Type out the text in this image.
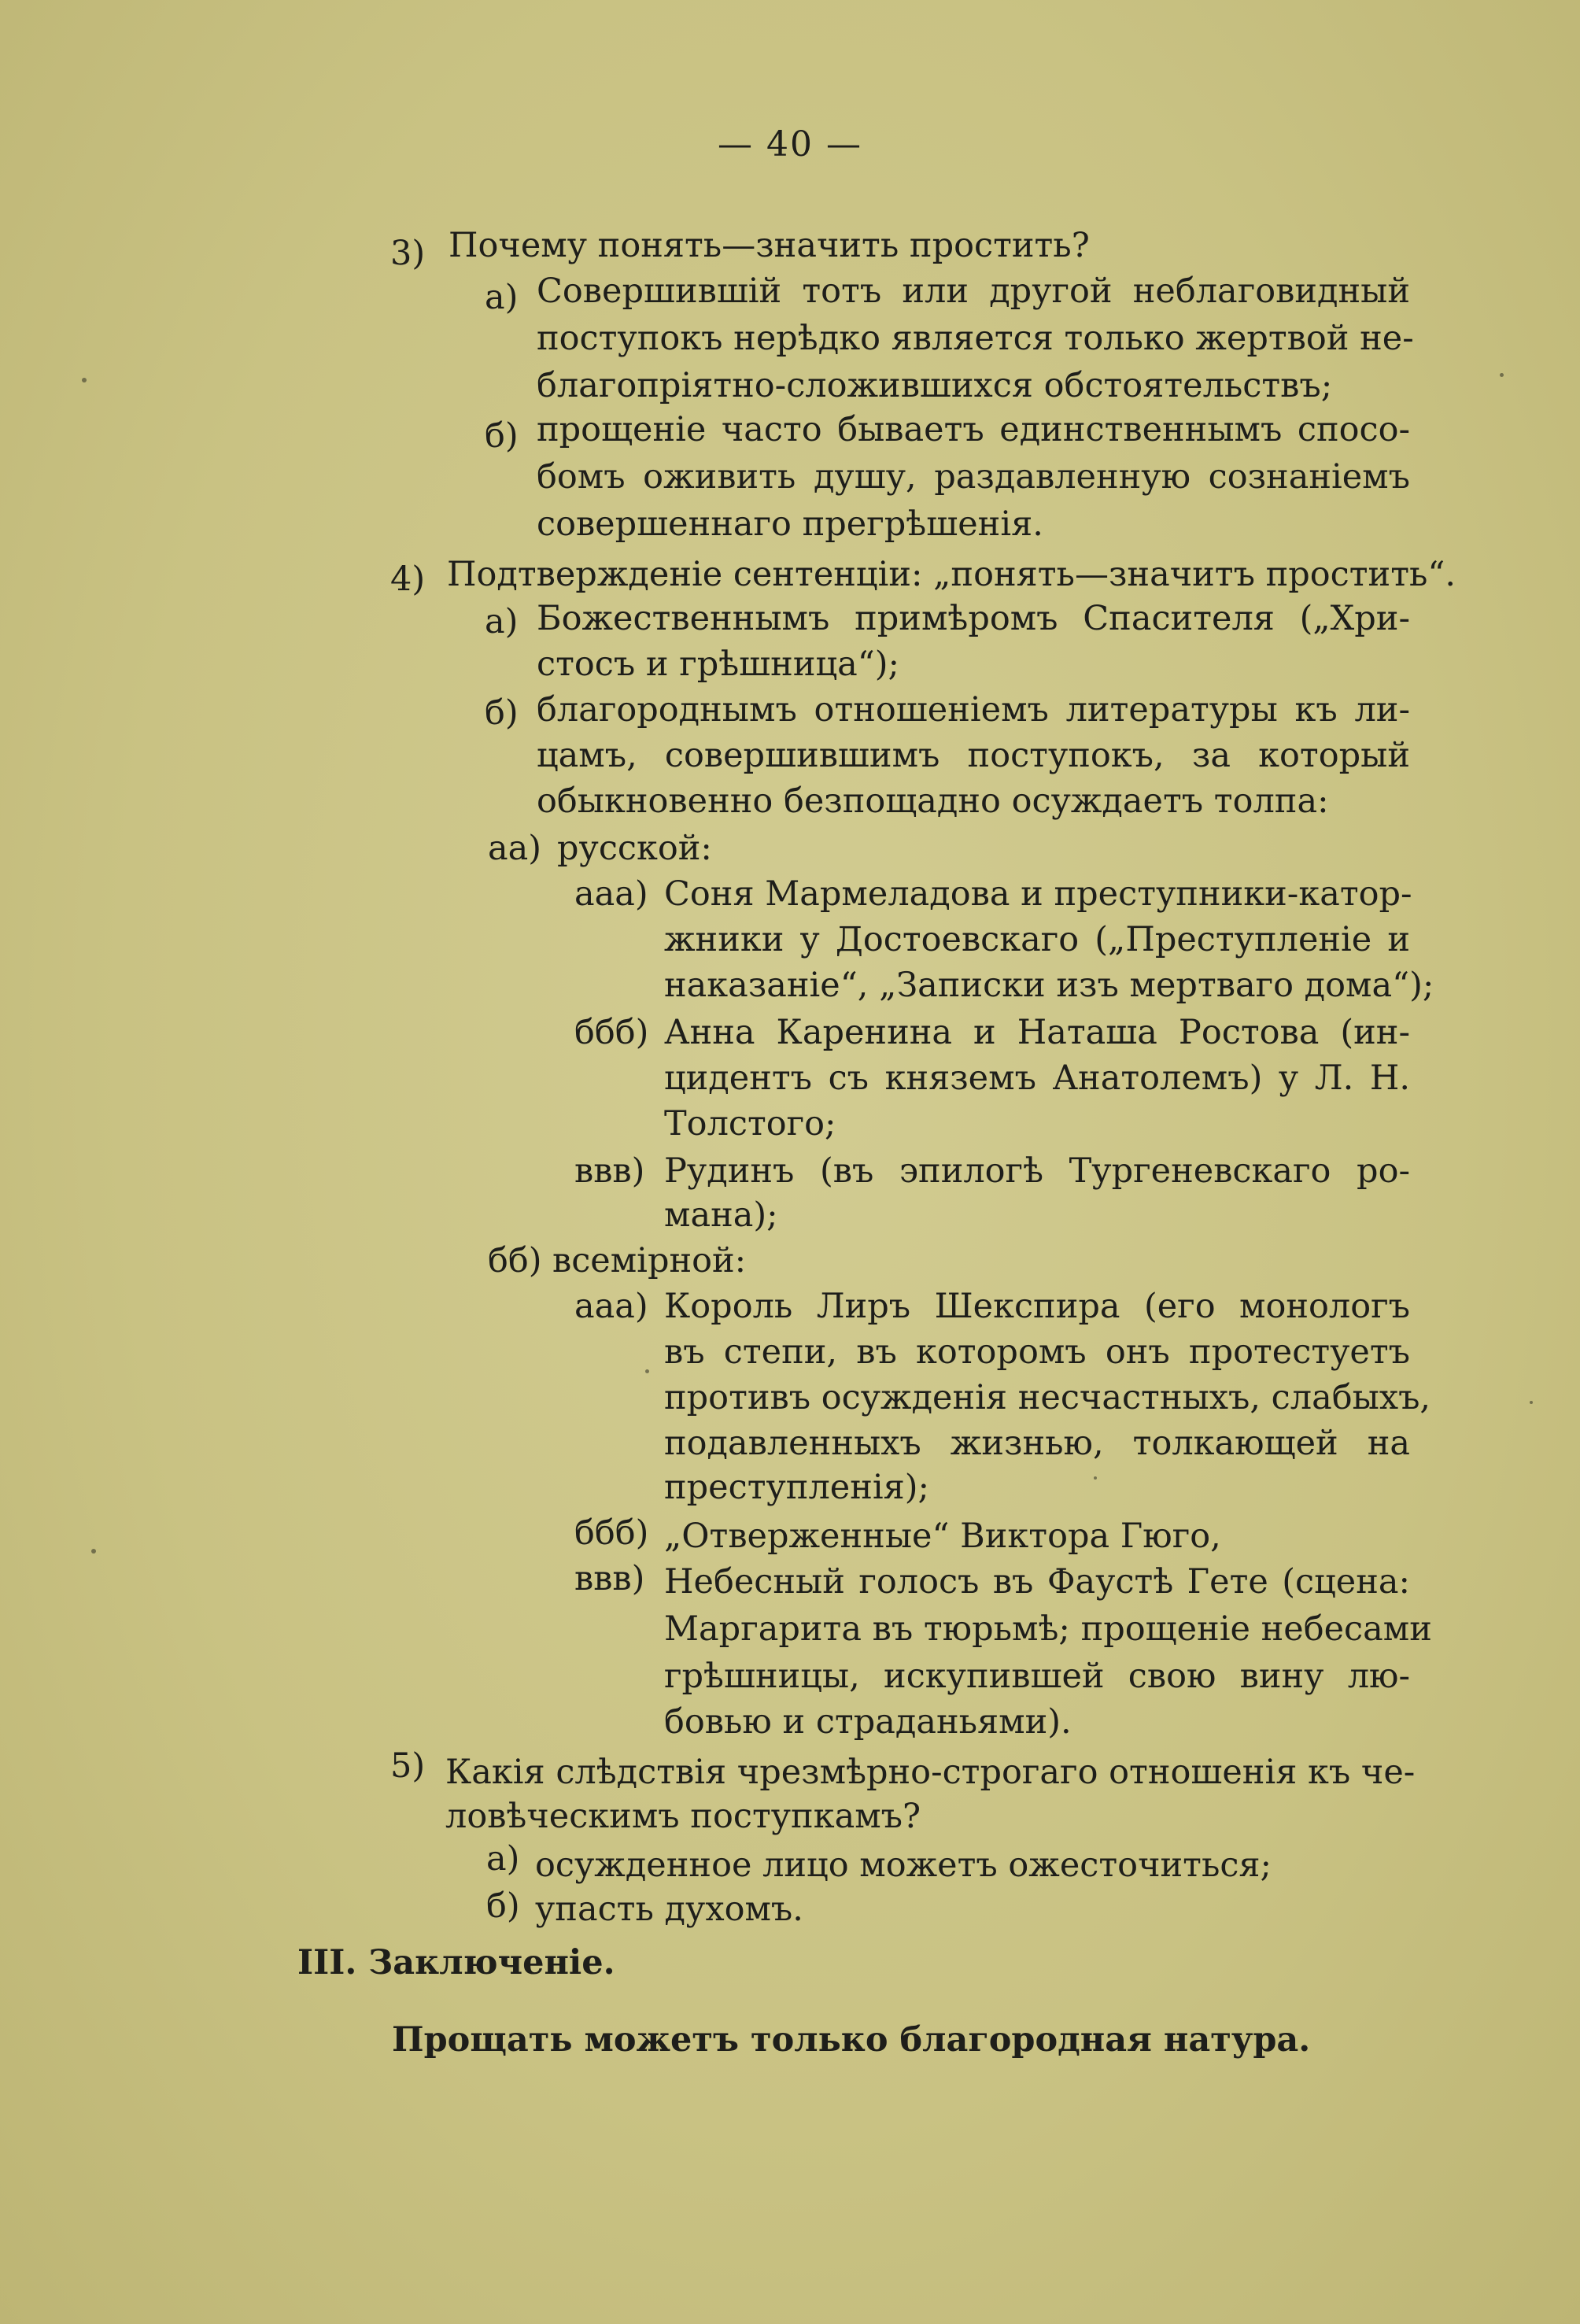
— 40 —
3) Почему понять—значить простить?
а) Совершившій тотъ или другой неблаговидный
поступокъ нерѣдко является только жертвой не-
благопріятно-сложившихся обстоятельствъ;
б) прощеніе часто бываетъ единственнымъ спосо-
бомъ оживить душу, раздавленную сознаніемъ
совершеннаго прегрѣшенія.
4) Подтвержденіе сентенціи: „понять—значитъ простить“.
а) Божественнымъ примѣромъ Спасителя („Хри-
стосъ и грѣшница“);
б) благороднымъ отношеніемъ литературы къ ли-
цамъ, совершившимъ поступокъ, за который
обыкновенно безпощадно осуждаетъ толпа:
аа) русской:
ааа) Соня Мармеладова и преступники-катор-
жники у Достоевскаго („Преступленіе и
наказаніе“, „Записки изъ мертваго дома“);
ббб) Анна Каренина и Наташа Ростова (ин-
цидентъ съ княземъ Анатолемъ) у Л. Н.
Толстого;
ввв) Рудинъ (въ эпилогѣ Тургеневскаго ро-
мана);
бб) всемірной:
ааа) Король Лиръ Шекспира (его монологъ
въ степи, въ которомъ онъ протестуетъ
противъ осужденія несчастныхъ, слабыхъ,
подавленныхъ жизнью, толкающей на
преступленія);
ббб) „Отверженные“ Виктора Гюго,
ввв) Небесный голосъ въ Фаустѣ Гете (сцена:
Маргарита въ тюрьмѣ; прощеніе небесами
грѣшницы, искупившей свою вину лю-
бовью и страданьями).
5) Какія слѣдствія чрезмѣрно-строгаго отношенія къ че-
ловѣческимъ поступкамъ?
а) осужденное лицо можетъ ожесточиться;
б) упасть духомъ.
III. Заключеніе.
Прощать можетъ только благородная натура.
